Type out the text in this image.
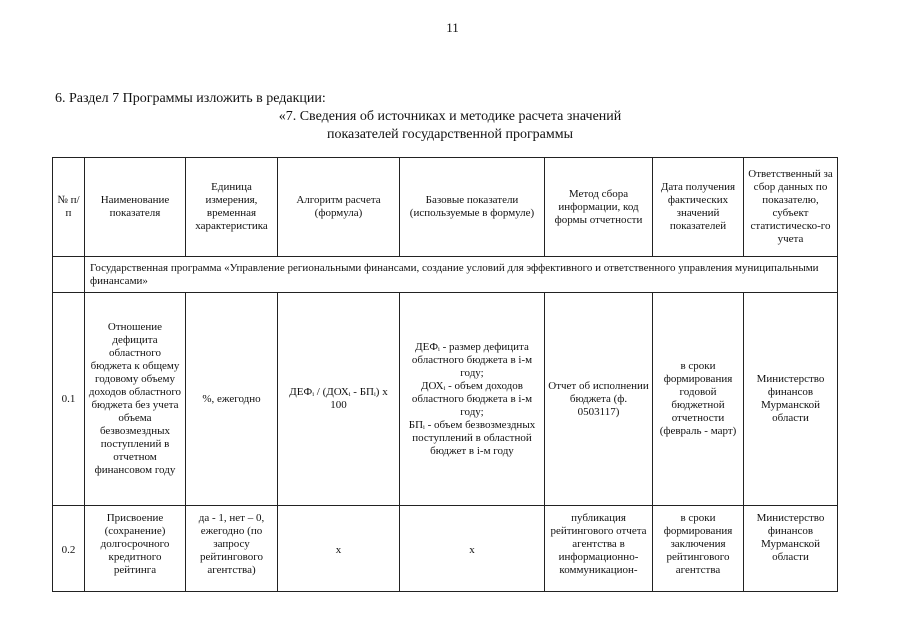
11
6. Раздел 7 Программы изложить в редакции:
«7. Сведения об источниках и методике расчета значений
показателей государственной программы
№ п/п	Наименование показателя	Единица измерения, временная характеристика	Алгоритм расчета (формула)	Базовые показатели (используемые в формуле)	Метод сбора информации, код формы отчетности	Дата получения фактических значений показателей	Ответственный за сбор данных по показателю, субъект статистическо-го учета
	Государственная программа «Управление региональными финансами, создание условий для эффективного и ответственного управления муниципальными финансами»						
0.1	Отношение дефицита областного бюджета к общему годовому объему доходов областного бюджета без учета объема безвозмездных поступлений в отчетном финансовом году	%, ежегодно	ДЕФᵢ / (ДОХᵢ - БПᵢ) х 100	ДЕФᵢ - размер дефицита областного бюджета в i-м году;
ДОХᵢ - объем доходов областного бюджета в i-м году;
БПᵢ - объем безвозмездных поступлений в областной бюджет в i-м году	Отчет об исполнении бюджета (ф. 0503117)	в сроки формирования годовой бюджетной отчетности (февраль - март)	Министерство финансов Мурманской области
0.2	Присвоение (сохранение) долгосрочного кредитного рейтинга	да - 1, нет – 0, ежегодно (по запросу рейтингового агентства)	х	х	публикация рейтингового отчета агентства в информационно-коммуникацион-	в сроки формирования заключения рейтингового агентства	Министерство финансов Мурманской области
